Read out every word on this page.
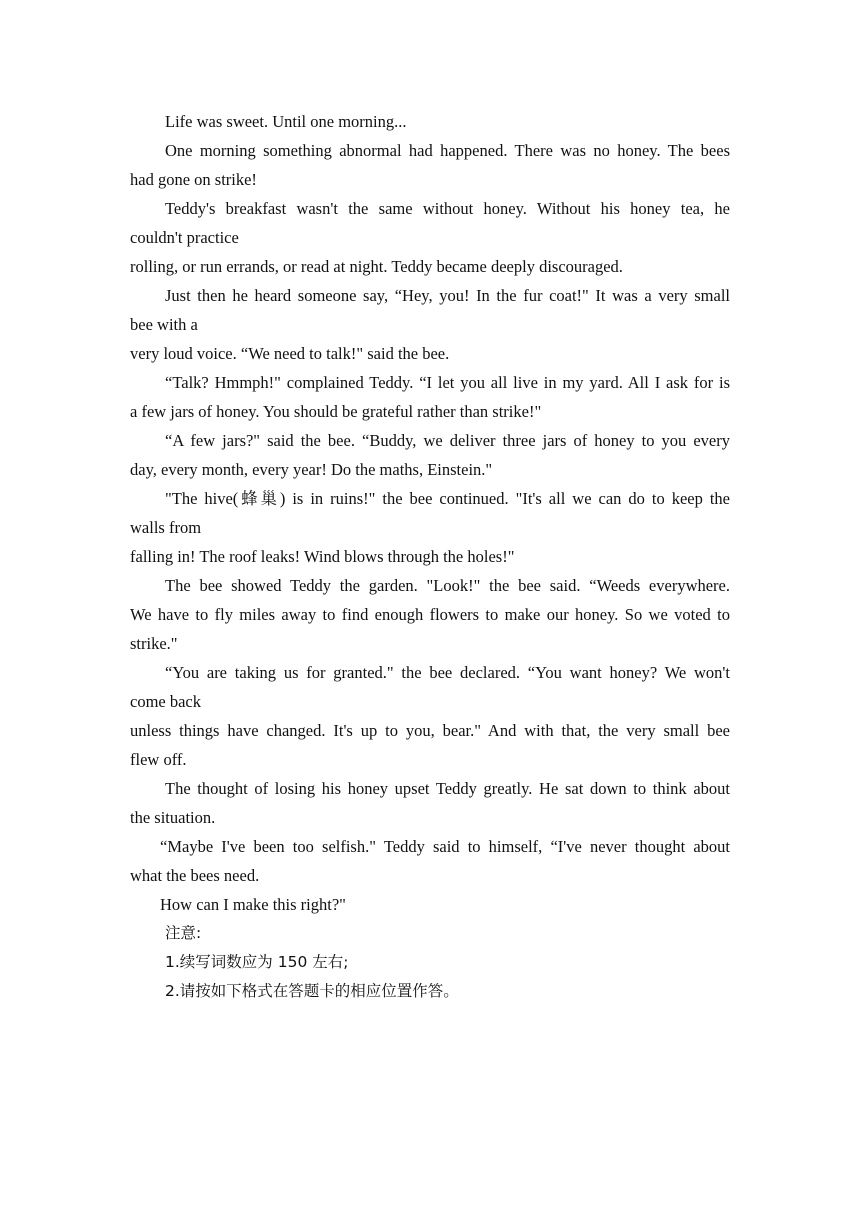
Life was sweet. Until one morning...

One morning something abnormal had happened. There was no honey. The bees

had gone on strike!

Teddy's breakfast wasn't the same without honey. Without his honey tea, he

couldn't practice

rolling, or run errands, or read at night. Teddy became deeply discouraged.

Just then he heard someone say, “Hey, you! In the fur coat!" It was a very small

bee with a

very loud voice. “We need to talk!" said the bee.

“Talk? Hmmph!" complained Teddy. “I let you all live in my yard. All I ask for is

a few jars of honey. You should be grateful rather than strike!"

“A few jars?" said the bee. “Buddy, we deliver three jars of honey to you every

day, every month, every year! Do the maths, Einstein."

"The hive(蜂巢) is in ruins!" the bee continued. "It's all we can do to keep the

walls from

falling in! The roof leaks! Wind blows through the holes!"

The bee showed Teddy the garden. "Look!" the bee said. “Weeds everywhere.

We have to fly miles away to find enough flowers to make our honey. So we voted to

strike."

“You are taking us for granted." the bee declared. “You want honey? We won't

come back

unless things have changed. It's up to you, bear." And with that, the very small bee

flew off.

The thought of losing his honey upset Teddy greatly. He sat down to think about

the situation.

“Maybe I've been too selfish." Teddy said to himself, “I've never thought about

what the bees need.

How can I make this right?"

注意:

1.续写词数应为 150 左右;

2.请按如下格式在答题卡的相应位置作答。
